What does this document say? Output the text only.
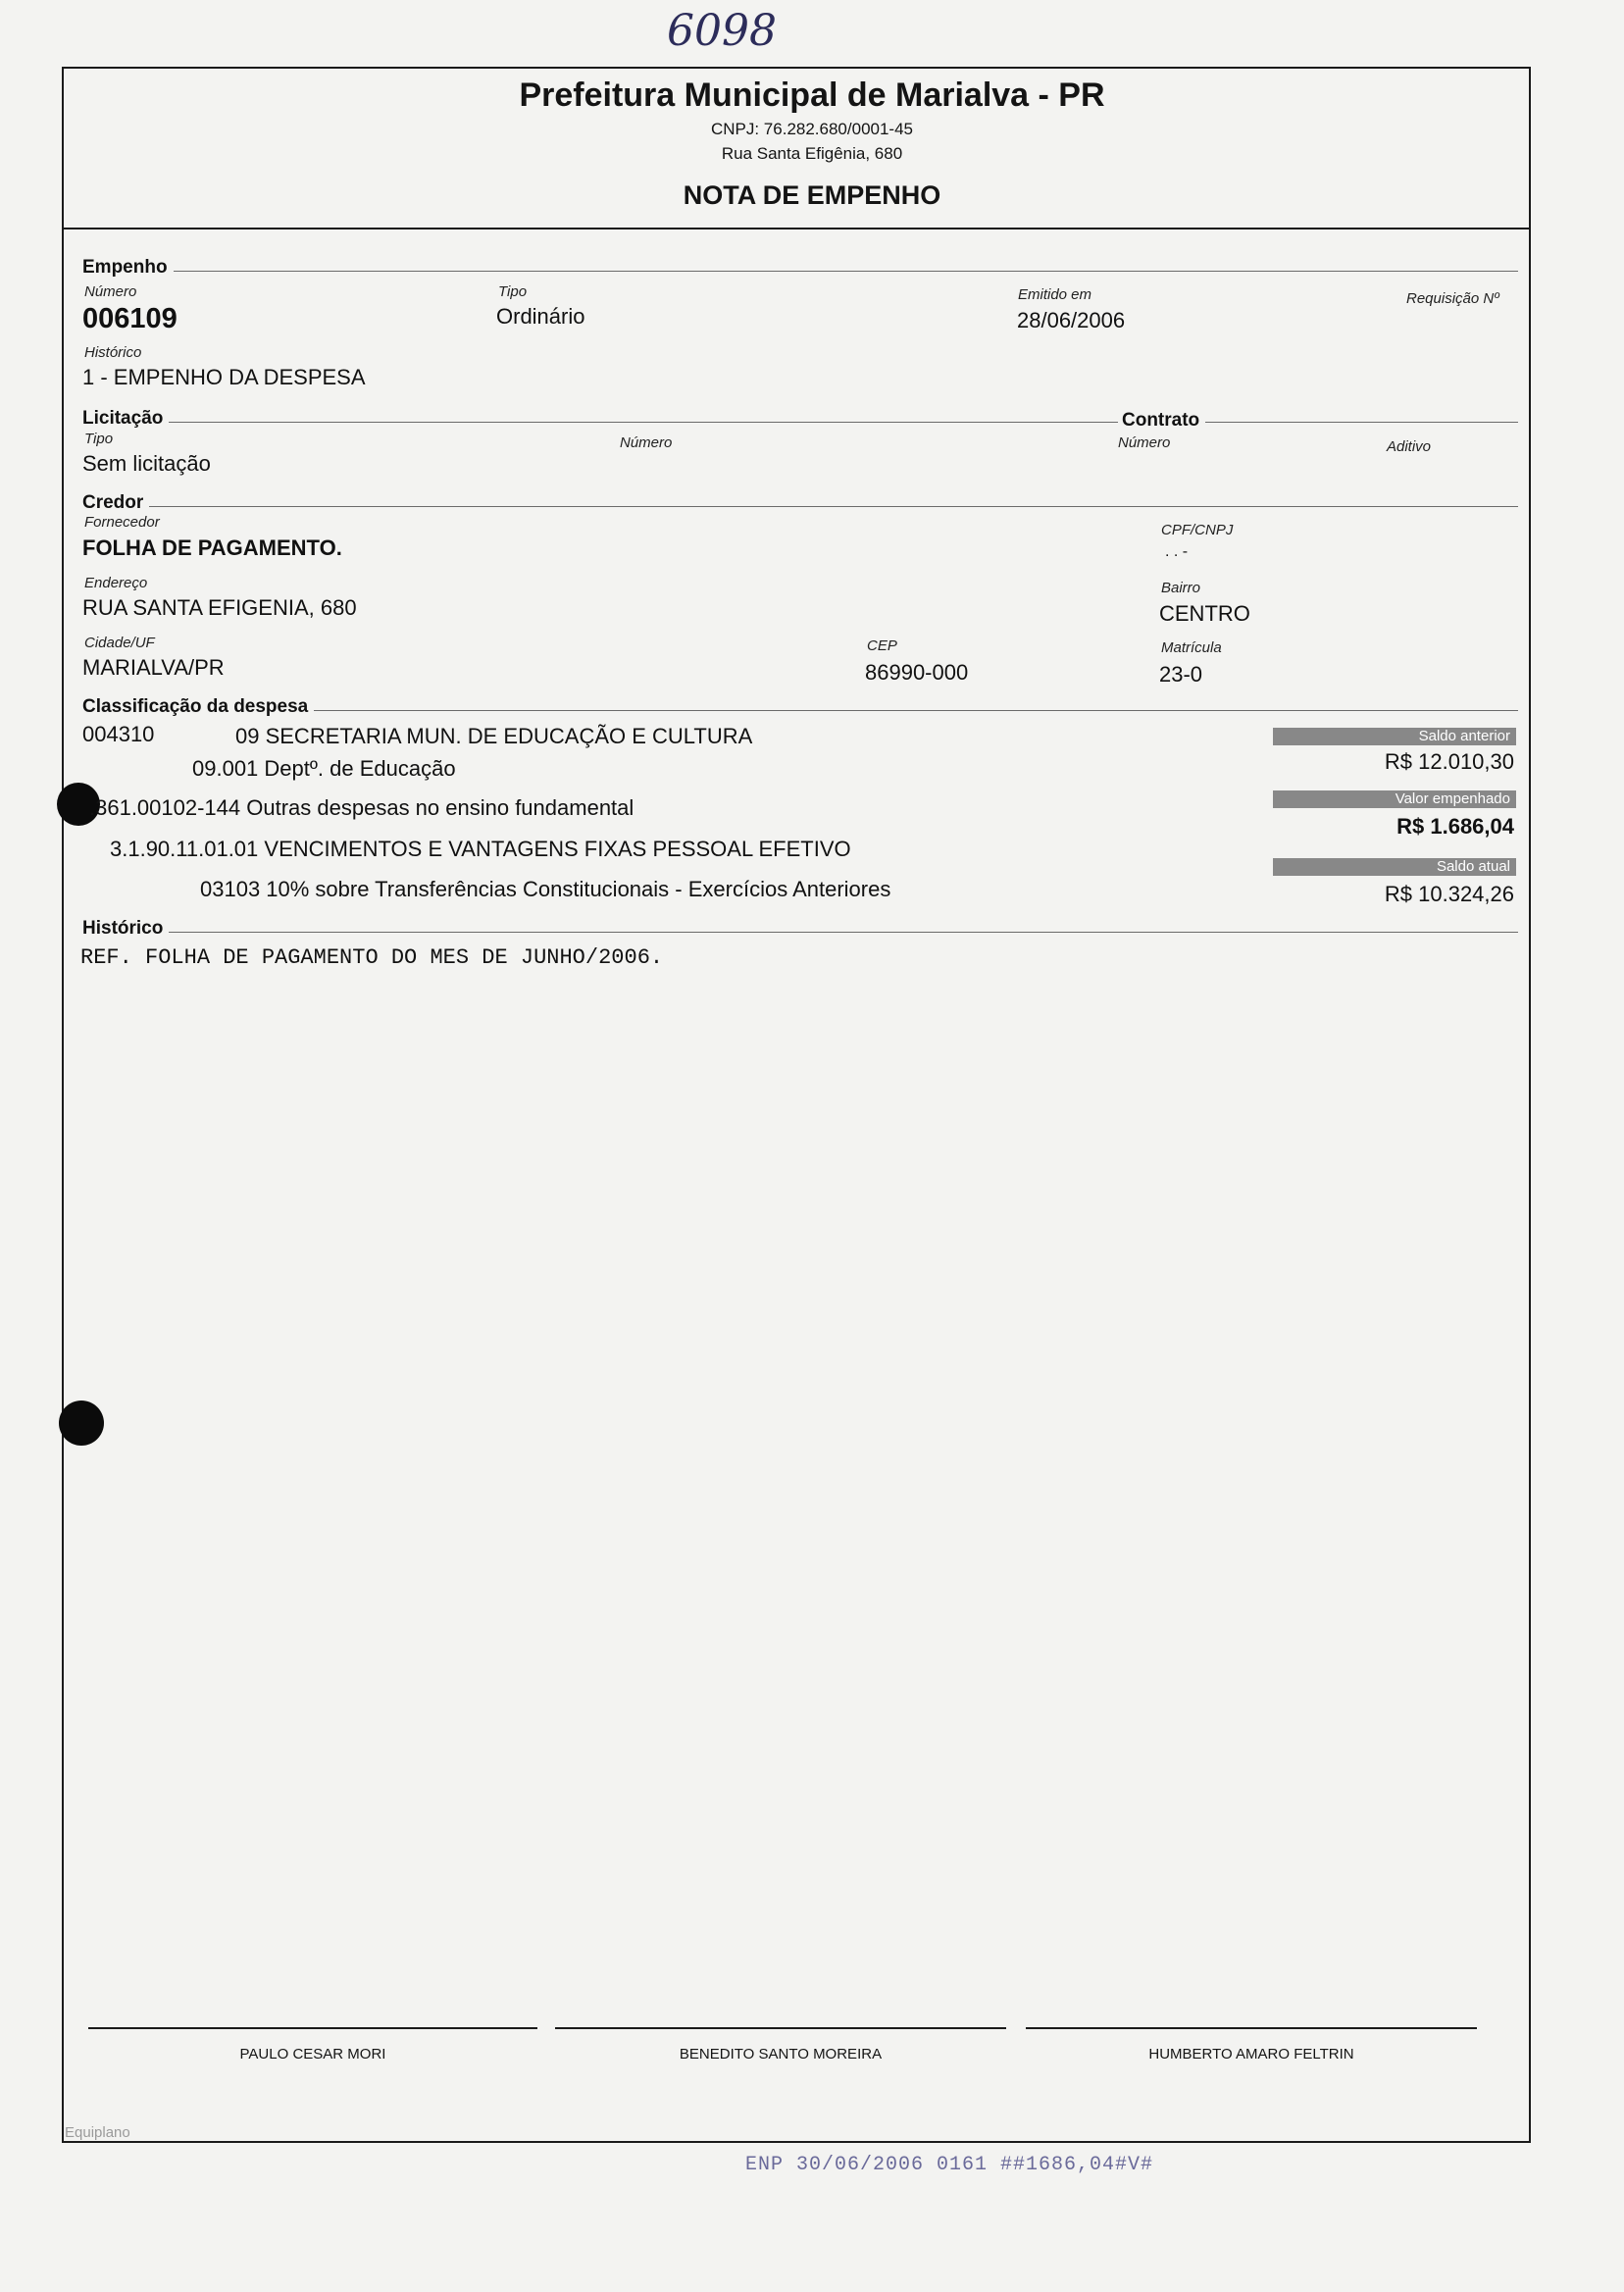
6098
Prefeitura Municipal de Marialva - PR
CNPJ: 76.282.680/0001-45
Rua Santa Efigênia, 680
NOTA DE EMPENHO
Empenho
Número
006109
Tipo
Ordinário
Emitido em
28/06/2006
Requisição Nº
Histórico
1 - EMPENHO DA DESPESA
Licitação	Contrato
Tipo
Sem licitação
Número	Número	Aditivo
Credor
Fornecedor
FOLHA DE PAGAMENTO.
CPF/CNPJ
. . -
Endereço
RUA SANTA EFIGENIA, 680
Bairro
CENTRO
Cidade/UF
MARIALVA/PR
CEP
86990-000
Matrícula
23-0
Classificação da despesa
004310	09 SECRETARIA MUN. DE EDUCAÇÃO E CULTURA
09.001 Deptº. de Educação
.361.00102-144 Outras despesas no ensino fundamental
3.1.90.11.01.01 VENCIMENTOS E VANTAGENS FIXAS PESSOAL EFETIVO
03103 10% sobre Transferências Constitucionais - Exercícios Anteriores
Saldo anterior
R$ 12.010,30
Valor empenhado
R$ 1.686,04
Saldo atual
R$ 10.324,26
Histórico
REF. FOLHA DE PAGAMENTO DO MES DE JUNHO/2006.
PAULO CESAR MORI	BENEDITO SANTO MOREIRA	HUMBERTO AMARO FELTRIN
Equiplano
ENP 30/06/2006 0161 ##1686,04#V#
